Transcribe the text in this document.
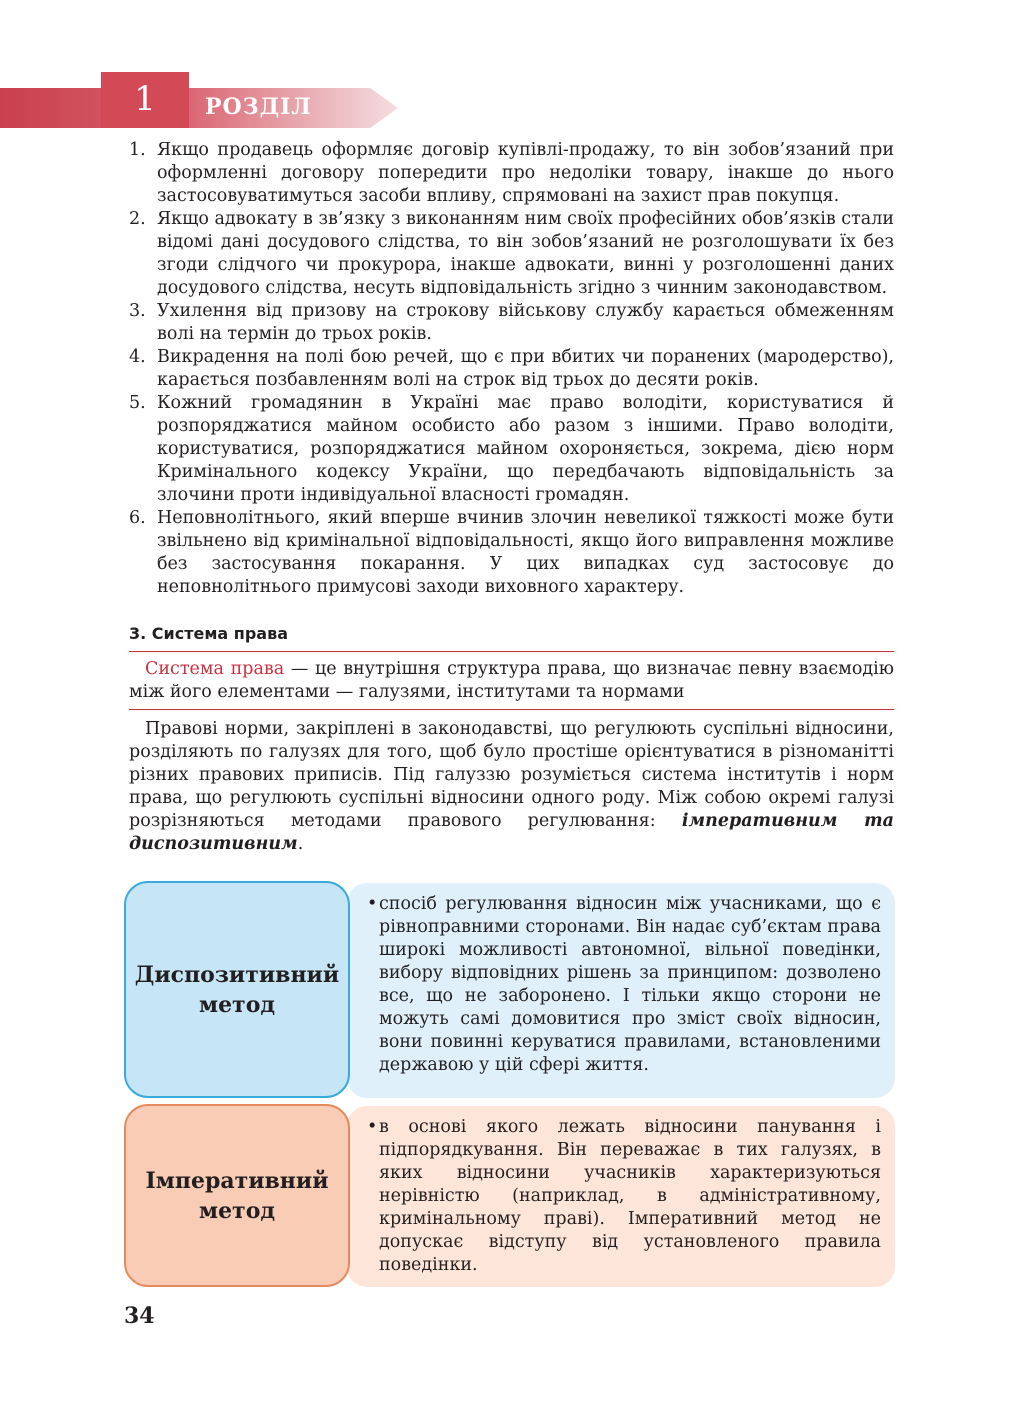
1	РОЗДІЛ
1. Якщо продавець оформляє договір купівлі-продажу, то він зобов’язаний при оформленні договору попередити про недоліки товару, інакше до нього застосовуватимуться засоби впливу, спрямовані на захист прав покупця.
2. Якщо адвокату в зв’язку з виконанням ним своїх професійних обов’язків стали відомі дані досудового слідства, то він зобов’язаний не розголошувати їх без згоди слідчого чи прокурора, інакше адвокати, винні у розголошенні даних досудового слідства, несуть відповідальність згідно з чинним законодавством.
3. Ухилення від призову на строкову військову службу карається обмеженням волі на термін до трьох років.
4. Викрадення на полі бою речей, що є при вбитих чи поранених (мародерство), карається позбавленням волі на строк від трьох до десяти років.
5. Кожний громадянин в Україні має право володіти, користуватися й розпоряджатися майном особисто або разом з іншими. Право володіти, користуватися, розпоряджатися майном охороняється, зокрема, дією норм Кримінального кодексу України, що передбачають відповідальність за злочини проти індивідуальної власності громадян.
6. Неповнолітнього, який вперше вчинив злочин невеликої тяжкості може бути звільнено від кримінальної відповідальності, якщо його виправлення можливе без застосування покарання. У цих випадках суд застосовує до неповнолітнього примусові заходи виховного характеру.
3. Система права
Система права — це внутрішня структура права, що визначає певну взаємодію між його елементами — галузями, інститутами та нормами
Правові норми, закріплені в законодавстві, що регулюють суспільні відносини, розділяють по галузях для того, щоб було простіше орієнтуватися в різноманітті різних правових приписів. Під галуззю розуміється система інститутів і норм права, що регулюють суспільні відносини одного роду. Між собою окремі галузі розрізняються методами правового регулювання: імперативним та диспозитивним.
• спосіб регулювання відносин між учасниками, що є рівноправними сторонами. Він надає суб’єктам права широкі можливості автономної, вільної поведінки, вибору відповідних рішень за принципом: дозволено все, що не заборонено. І тільки якщо сторони не можуть самі домовитися про зміст своїх відносин, вони повинні керуватися правилами, встановленими державою у цій сфері життя.
Диспозитивний метод
• в основі якого лежать відносини панування і підпорядкування. Він переважає в тих галузях, в яких відносини учасників характеризуються нерівністю (наприклад, в адміністративному, кримінальному праві). Імперативний метод не допускає відступу від установленого правила поведінки.
Імперативний метод
34
